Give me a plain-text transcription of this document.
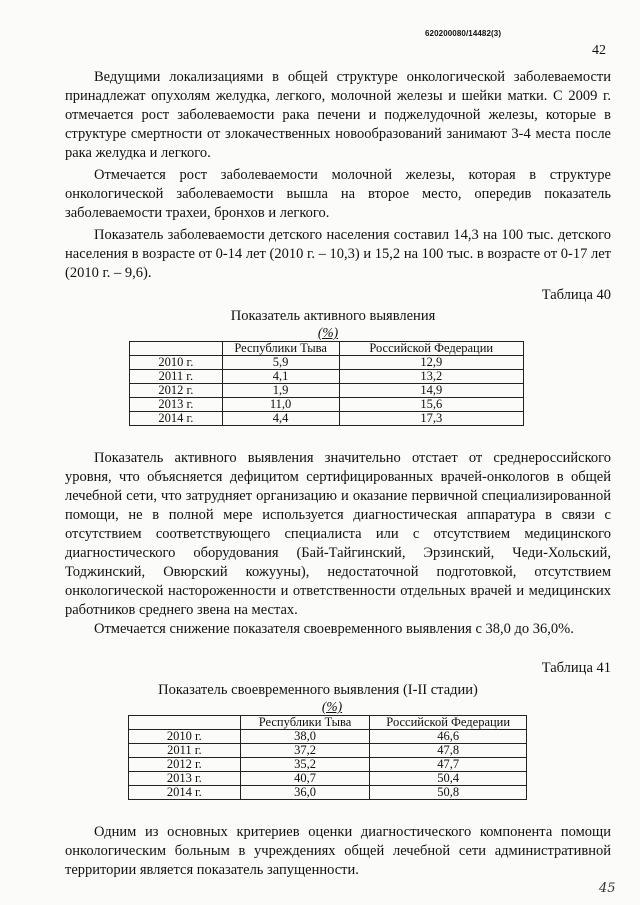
620200080/14482(3)
42

Ведущими локализациями в общей структуре онкологической заболеваемости принадлежат опухолям желудка, легкого, молочной железы и шейки матки. С 2009 г. отмечается рост заболеваемости рака печени и поджелудочной железы, которые в структуре смертности от злокачественных новообразований занимают 3-4 места после рака желудка и легкого.

Отмечается рост заболеваемости молочной железы, которая в структуре онкологической заболеваемости вышла на второе место, опередив показатель заболеваемости трахеи, бронхов и легкого.

Показатель заболеваемости детского населения составил 14,3 на 100 тыс. детского населения в возрасте от 0-14 лет (2010 г. – 10,3) и 15,2 на 100 тыс. в возрасте от 0-17 лет (2010 г. – 9,6).

Таблица 40
Показатель активного выявления
(%)
	Республики Тыва	Российской Федерации
2010 г.	5,9	12,9
2011 г.	4,1	13,2
2012 г.	1,9	14,9
2013 г.	11,0	15,6
2014 г.	4,4	17,3

Показатель активного выявления значительно отстает от среднероссийского уровня, что объясняется дефицитом сертифицированных врачей-онкологов в общей лечебной сети, что затрудняет организацию и оказание первичной специализированной помощи, не в полной мере используется диагностическая аппаратура в связи с отсутствием соответствующего специалиста или с отсутствием медицинского диагностического оборудования (Бай-Тайгинский, Эрзинский, Чеди-Хольский, Тоджинский, Овюрский кожууны), недостаточной подготовкой, отсутствием онкологической настороженности и ответственности отдельных врачей и медицинских работников среднего звена на местах.

Отмечается снижение показателя своевременного выявления с 38,0 до 36,0%.

Таблица 41
Показатель своевременного выявления (I-II стадии)
(%)
	Республики Тыва	Российской Федерации
2010 г.	38,0	46,6
2011 г.	37,2	47,8
2012 г.	35,2	47,7
2013 г.	40,7	50,4
2014 г.	36,0	50,8

Одним из основных критериев оценки диагностического компонента помощи онкологическим больным в учреждениях общей лечебной сети административной территории является показатель запущенности.

45
